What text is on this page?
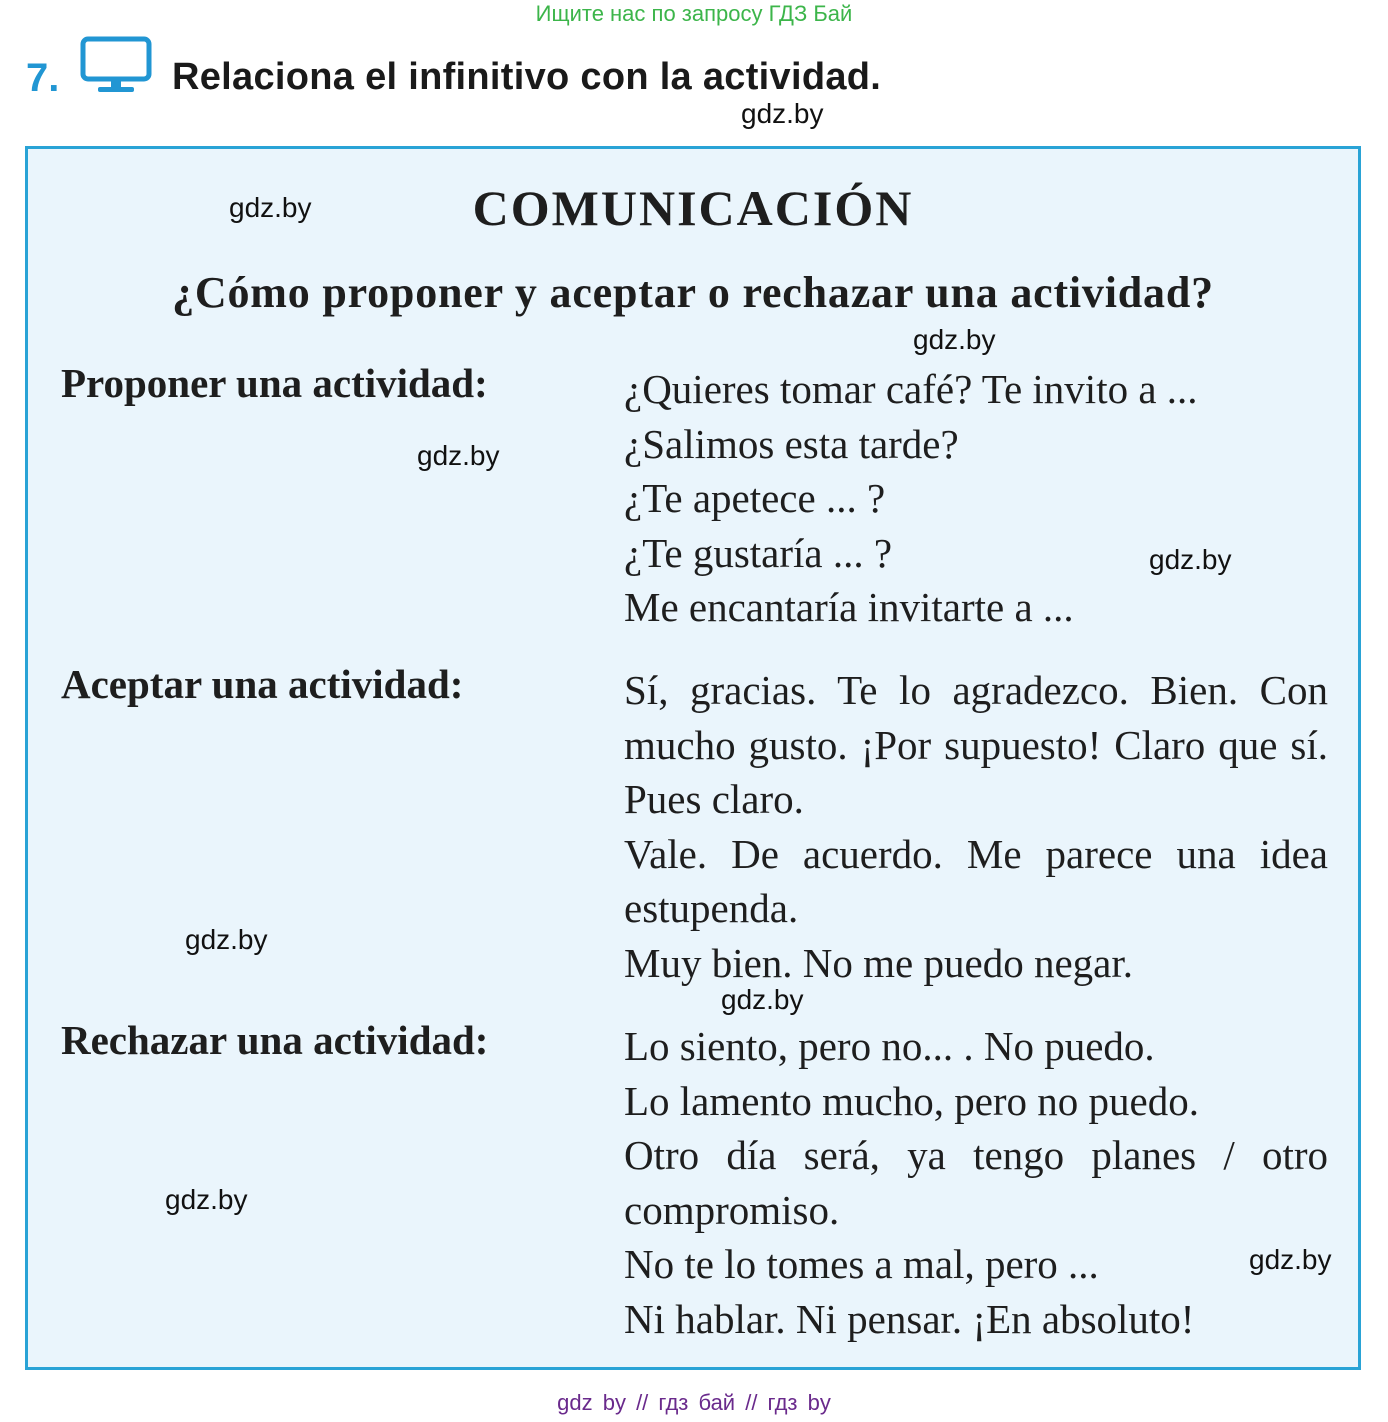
Ищите нас по запросу ГДЗ Бай
7.	Relaciona el infinitivo con la actividad.
gdz.by
COMUNICACIÓN
¿Cómo proponer y aceptar o rechazar una actividad?
Proponer una actividad:	¿Quieres tomar café? Te invito a ...
¿Salimos esta tarde?
¿Te apetece ... ?
¿Te gustaría ... ?
Me encantaría invitarte a ...
Aceptar una actividad:	Sí, gracias. Te lo agradezco. Bien. Con mucho gusto. ¡Por supuesto! Claro que sí. Pues claro.
Vale. De acuerdo. Me parece una idea estupenda.
Muy bien. No me puedo negar.
Rechazar una actividad:	Lo siento, pero no... . No puedo.
Lo lamento mucho, pero no puedo.
Otro día será, ya tengo planes / otro compromiso.
No te lo tomes a mal, pero ...
Ni hablar. Ni pensar. ¡En absoluto!
gdz.by
gdz.by
gdz.by
gdz.by
gdz.by
gdz.by
gdz.by
gdz.by
gdz by // гдз бай // гдз by
